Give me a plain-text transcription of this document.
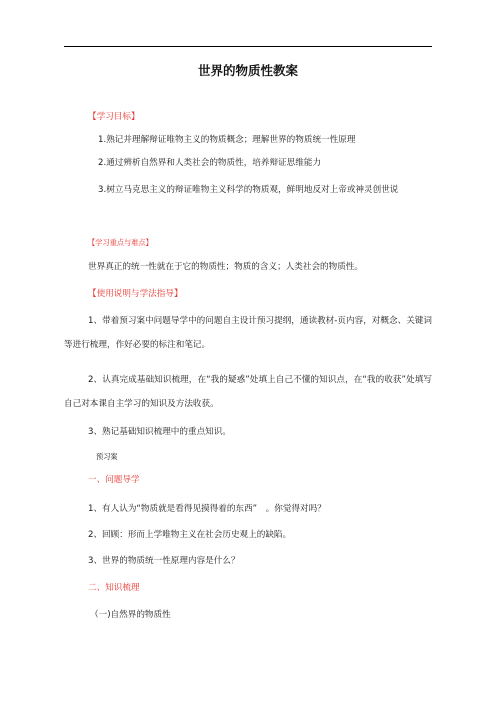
世界的物质性教案
【学习目标】
1.熟记并理解辩证唯物主义的物质概念；理解世界的物质统一性原理
2.通过辨析自然界和人类社会的物质性，培养辩证思维能力
3.树立马克思主义的辩证唯物主义科学的物质观，鲜明地反对上帝或神灵创世说
【学习重点与难点】
世界真正的统一性就在于它的物质性；物质的含义；人类社会的物质性。
【使用说明与学法指导】
1、带着预习案中问题导学中的问题自主设计预习提纲，通读教材-页内容，对概念、关键词等进行梳理，作好必要的标注和笔记。
2、认真完成基础知识梳理，在“我的疑惑”处填上自己不懂的知识点，在“我的收获”处填写自己对本课自主学习的知识及方法收获。
3、熟记基础知识梳理中的重点知识。
预习案
一、问题导学
1、有人认为“物质就是看得见摸得着的东西”　。你觉得对吗？
2、回顾：形而上学唯物主义在社会历史观上的缺陷。
3、世界的物质统一性原理内容是什么？
二、知识梳理
（一)自然界的物质性
